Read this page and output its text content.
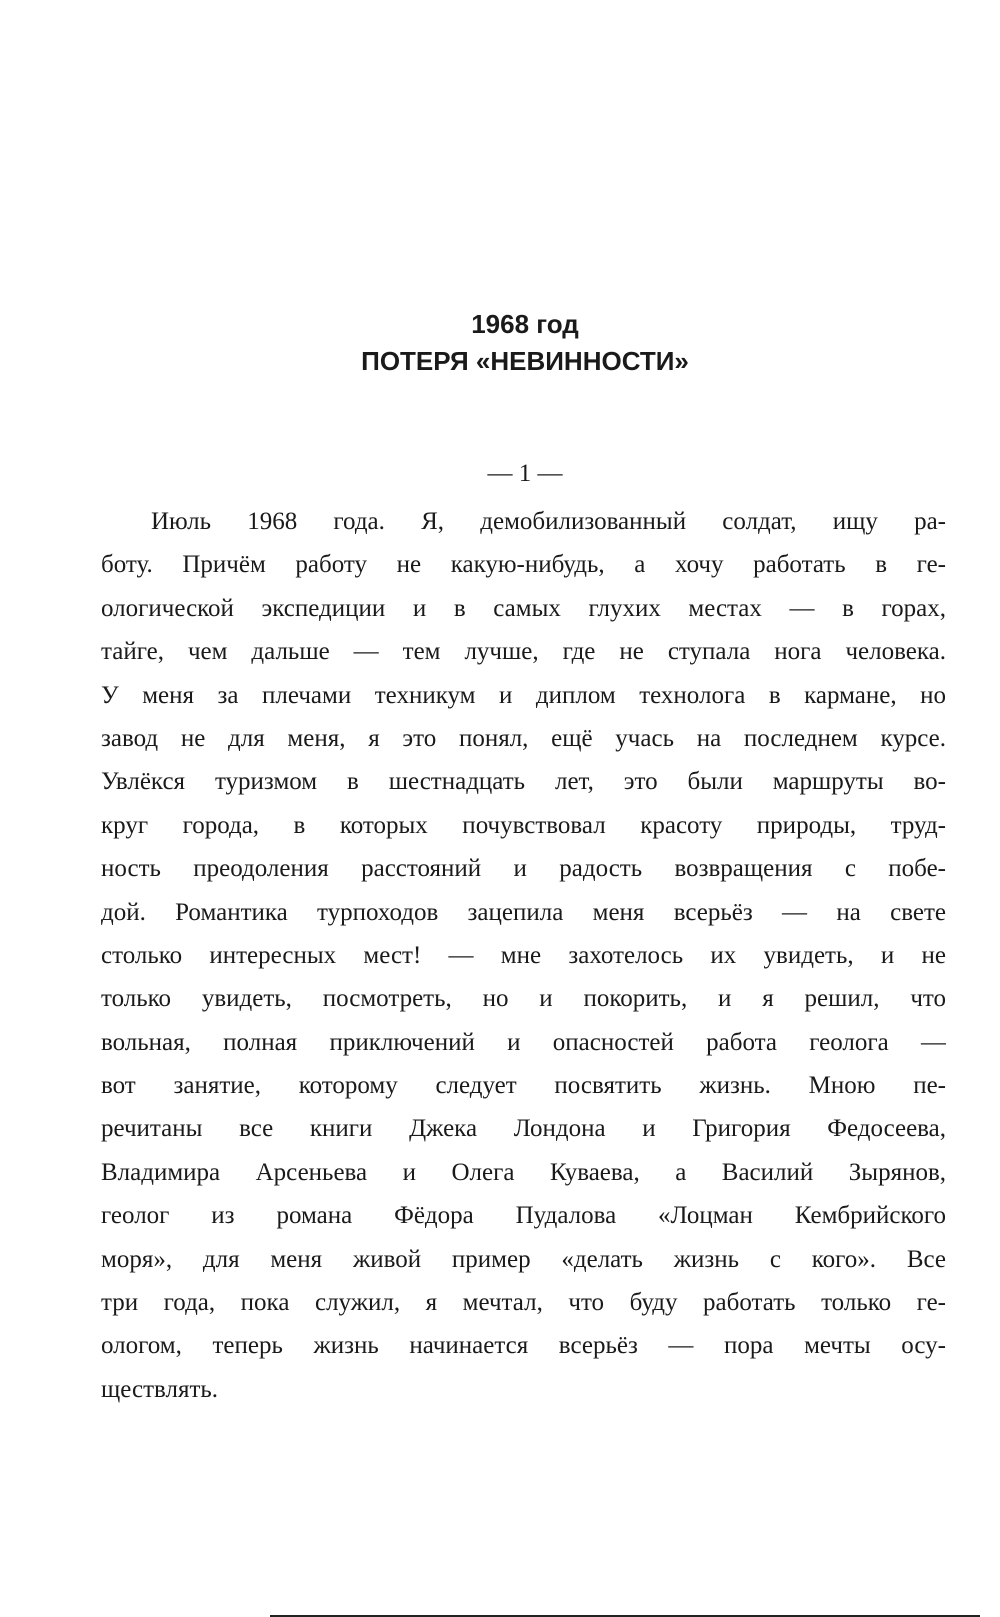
1968 год
ПОТЕРЯ «НЕВИННОСТИ»
— 1 —
Июль 1968 года. Я, демобилизованный солдат, ищу ра-
боту. Причём работу не какую-нибудь, а хочу работать в ге-
ологической экспедиции и в самых глухих местах — в горах,
тайге, чем дальше — тем лучше, где не ступала нога человека.
У меня за плечами техникум и диплом технолога в кармане, но
завод не для меня, я это понял, ещё учась на последнем курсе.
Увлёкся туризмом в шестнадцать лет, это были маршруты во-
круг города, в которых почувствовал красоту природы, труд-
ность преодоления расстояний и радость возвращения с побе-
дой. Романтика турпоходов зацепила меня всерьёз — на свете
столько интересных мест! — мне захотелось их увидеть, и не
только увидеть, посмотреть, но и покорить, и я решил, что
вольная, полная приключений и опасностей работа геолога —
вот занятие, которому следует посвятить жизнь. Мною пе-
речитаны все книги Джека Лондона и Григория Федосеева,
Владимира Арсеньева и Олега Куваева, а Василий Зырянов,
геолог из романа Фёдора Пудалова «Лоцман Кембрийского
моря», для меня живой пример «делать жизнь с кого». Все
три года, пока служил, я мечтал, что буду работать только ге-
ологом, теперь жизнь начинается всерьёз — пора мечты осу-
ществлять.
